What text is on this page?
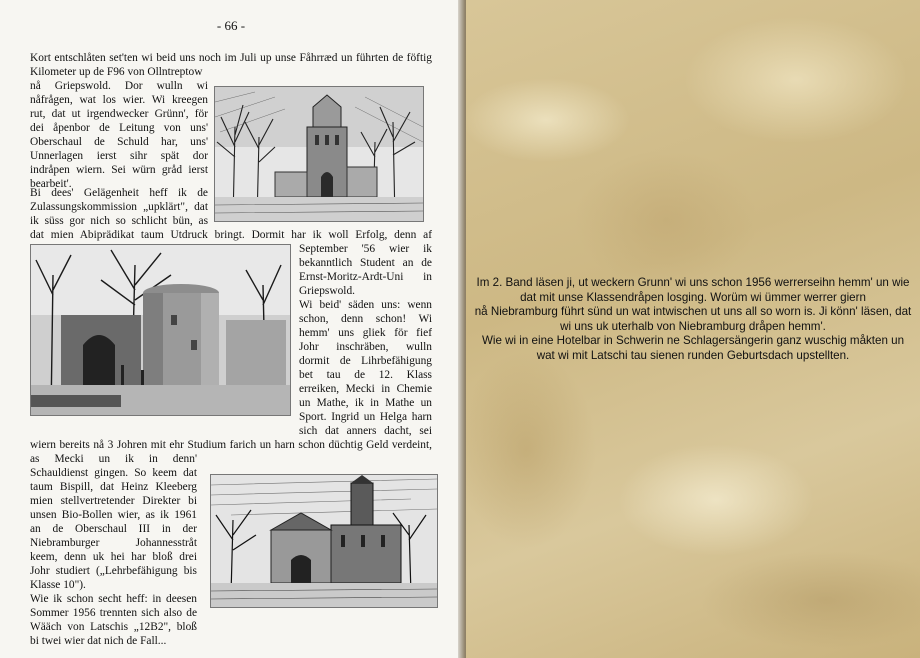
- 66 -
Kort entschlåten set'ten wi beid uns noch im Juli up unse Fåhrræd un führten de föftig
Kilometer up de F96 von Ollntreptow
nå Griepswold. Dor wulln wi
nåfrågen, wat los wier. Wi kreegen
rut, dat ut irgendwecker Grünn', för
dei åpenbor de Leitung von uns'
Oberschaul de Schuld har, uns'
Unnerlagen ierst sihr spät dor
indråpen wiern. Sei würn gråd ierst
bearbeit'.
Bi dees' Gelägenheit heff ik de
Zulassungskommission „upklärt", dat
ik süss gor nich so schlicht bün, as
dat mien Abiprädikat taum Utdruck bringt. Dormit har ik woll Erfolg, denn af
September '56 wier ik
bekanntlich Student an de
Ernst-Moritz-Ardt-Uni in
Griepswold.
Wi beid' säden uns: wenn
schon, denn schon! Wi
hemm' uns gliek för fief
Johr inschräben, wulln
dormit de Lihrbefähigung
bet tau de 12. Klass
erreiken, Mecki in Chemie
un Mathe, ik in Mathe un
Sport. Ingrid un Helga harn
sich dat anners dacht, sei
wiern bereits nå 3 Johren mit ehr Studium farich un harn schon düchtig Geld verdeint,
as Mecki un ik in denn'
Schauldienst gingen. So keem dat
taum Bispill, dat Heinz Kleeberg
mien stellvertretender Direkter bi
unsen Bio-Bollen wier, as ik 1961
an de Oberschaul III in der
Niebramburger Johannesstråt
keem, denn uk hei har bloß drei
Johr studiert („Lehrbefähigung bis
Klasse 10").
Wie ik schon secht heff: in deesen
Sommer 1956 trennten sich also de
Wääch von Latschis „12B2", bloß
bi twei wier dat nich de Fall...
Im 2. Band läsen ji, ut weckern Grunn' wi uns schon 1956 werrerseihn hemm' un wie
dat mit unse Klassendråpen losging. Worüm wi ümmer werrer giern
nå Niebramburg führt sünd un wat intwischen ut uns all so worn is. Ji könn' läsen, dat
wi uns uk uterhalb von Niebramburg dråpen hemm'.
Wie wi in eine Hotelbar in Schwerin ne Schlagersängerin ganz wuschig måkten un
wat wi mit Latschi tau sienen runden Geburtsdach upstellten.
